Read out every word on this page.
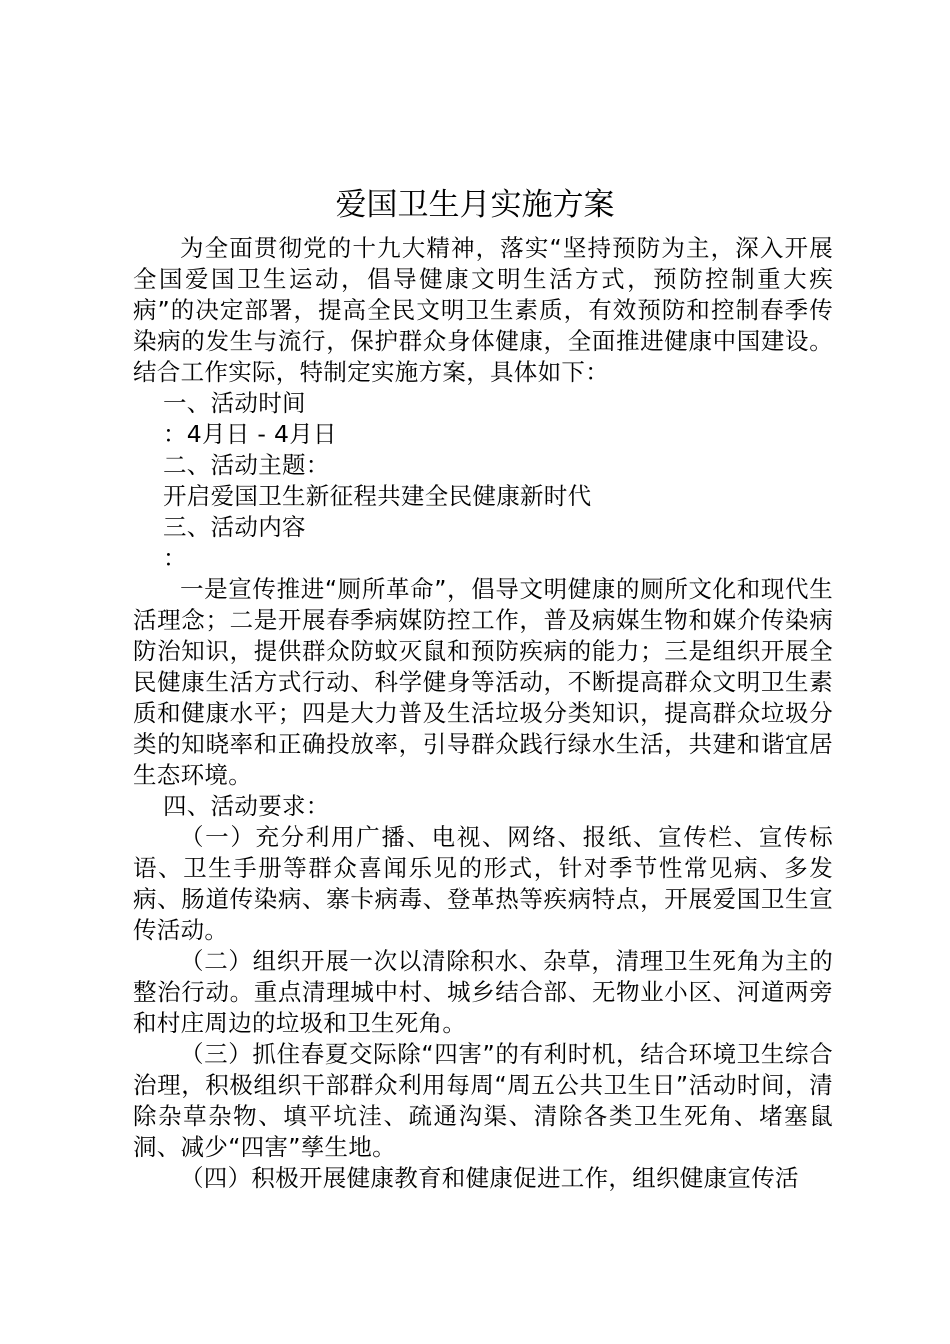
爱国卫生月实施方案

为全面贯彻党的十九大精神，落实“坚持预防为主，深入开展全国爱国卫生运动，倡导健康文明生活方式，预防控制重大疾病”的决定部署，提高全民文明卫生素质，有效预防和控制春季传染病的发生与流行，保护群众身体健康，全面推进健康中国建设。结合工作实际，特制定实施方案，具体如下：

一、活动时间

：4月日 - 4月日

二、活动主题：

开启爱国卫生新征程共建全民健康新时代

三、活动内容

：

一是宣传推进“厕所革命”，倡导文明健康的厕所文化和现代生活理念；二是开展春季病媒防控工作，普及病媒生物和媒介传染病防治知识，提供群众防蚊灭鼠和预防疾病的能力；三是组织开展全民健康生活方式行动、科学健身等活动，不断提高群众文明卫生素质和健康水平；四是大力普及生活垃圾分类知识，提高群众垃圾分类的知晓率和正确投放率，引导群众践行绿水生活，共建和谐宜居生态环境。

四、活动要求：

（一）充分利用广播、电视、网络、报纸、宣传栏、宣传标语、卫生手册等群众喜闻乐见的形式，针对季节性常见病、多发病、肠道传染病、寨卡病毒、登革热等疾病特点，开展爱国卫生宣传活动。

（二）组织开展一次以清除积水、杂草，清理卫生死角为主的整治行动。重点清理城中村、城乡结合部、无物业小区、河道两旁和村庄周边的垃圾和卫生死角。

（三）抓住春夏交际除“四害”的有利时机，结合环境卫生综合治理，积极组织干部群众利用每周“周五公共卫生日”活动时间，清除杂草杂物、填平坑洼、疏通沟渠、清除各类卫生死角、堵塞鼠洞、减少“四害”孳生地。

（四）积极开展健康教育和健康促进工作，组织健康宣传活
